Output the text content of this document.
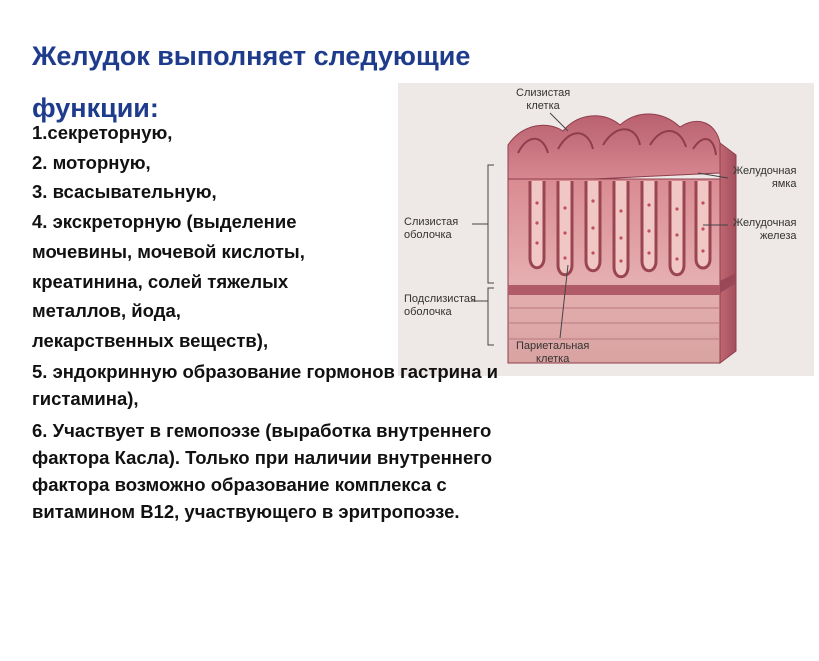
Желудок выполняет следующие
функции:	Слизистая
клетка
Желудочная
ямка
Желудочная
железа
Слизистая
оболочка
Подслизистая
оболочка
Париетальная
клетка

1.секреторную,

2. моторную,

3. всасывательную,

4. экскреторную (выделение
мочевины, мочевой кислоты,
креатинина, солей тяжелых
металлов, йода,
лекарственных веществ),

5. эндокринную образование гормонов гастрина и
гистамина),

6. Участвует в гемопоэзе (выработка внутреннего
фактора Касла). Только при наличии внутреннего
фактора возможно образование комплекса с
витамином В12, участвующего в эритропоэзе.
